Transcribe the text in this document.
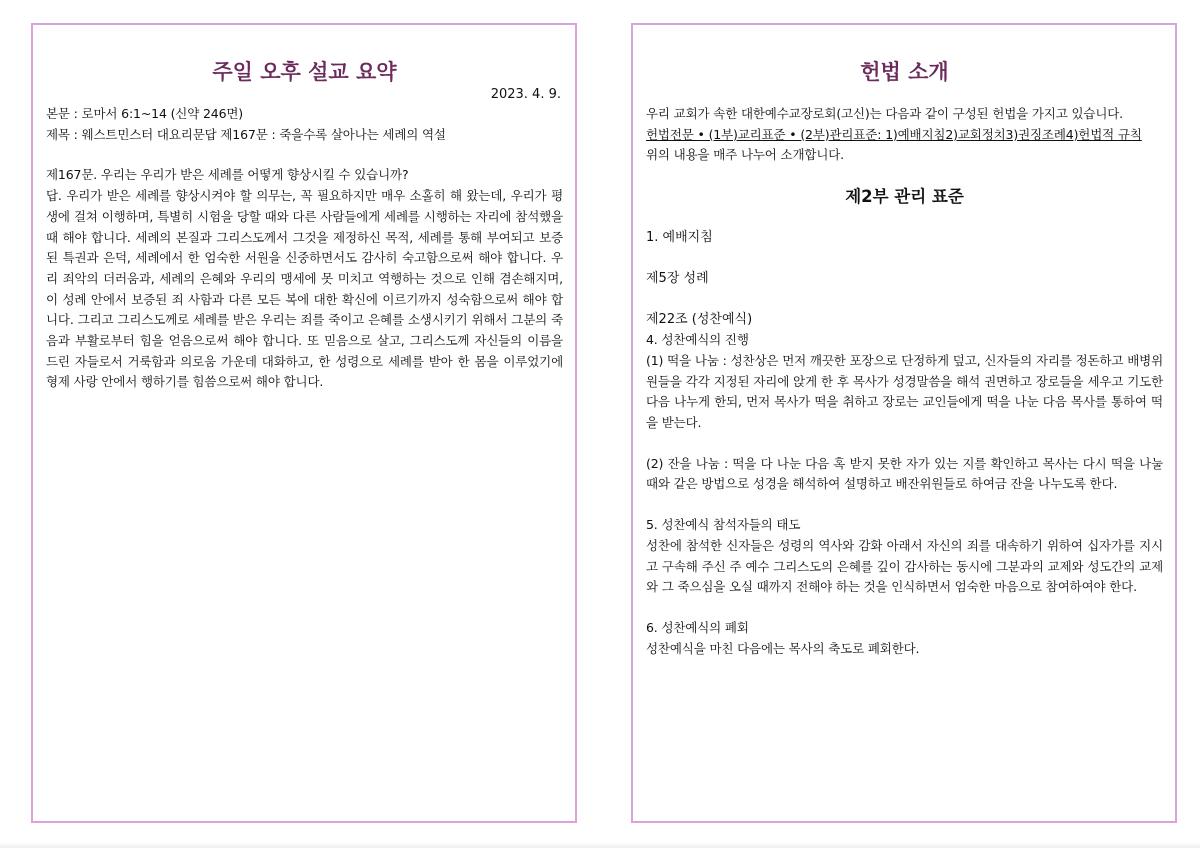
주일 오후 설교 요약
2023. 4. 9.
본문 : 로마서 6:1~14 (신약 246면)
제목 : 웨스트민스터 대요리문답 제167문 : 죽을수록 살아나는 세례의 역설
제167문. 우리는 우리가 받은 세례를 어떻게 향상시킬 수 있습니까?
답. 우리가 받은 세례를 향상시켜야 할 의무는, 꼭 필요하지만 매우 소홀히 해 왔는데, 우리가 평생에 걸쳐 이행하며, 특별히 시험을 당할 때와 다른 사람들에게 세례를 시행하는 자리에 참석했을 때 해야 합니다. 세례의 본질과 그리스도께서 그것을 제정하신 목적, 세례를 통해 부여되고 보증된 특권과 은덕, 세례에서 한 엄숙한 서원을 신중하면서도 감사히 숙고함으로써 해야 합니다. 우리 죄악의 더러움과, 세례의 은혜와 우리의 맹세에 못 미치고 역행하는 것으로 인해 겸손해지며, 이 성례 안에서 보증된 죄 사함과 다른 모든 복에 대한 확신에 이르기까지 성숙함으로써 해야 합니다. 그리고 그리스도께로 세례를 받은 우리는 죄를 죽이고 은혜를 소생시키기 위해서 그분의 죽음과 부활로부터 힘을 얻음으로써 해야 합니다. 또 믿음으로 살고, 그리스도께 자신들의 이름을 드린 자들로서 거룩함과 의로움 가운데 대화하고, 한 성령으로 세례를 받아 한 몸을 이루었기에 형제 사랑 안에서 행하기를 힘씀으로써 해야 합니다.
헌법 소개
우리 교회가 속한 대한예수교장로회(고신)는 다음과 같이 구성된 헌법을 가지고 있습니다.
헌법전문 • (1부)교리표준 • (2부)관리표준: 1)예배지침2)교회정치3)권징조례4)헌법적 규칙
위의 내용을 매주 나누어 소개합니다.
제2부 관리 표준
1. 예배지침
제5장 성례
제22조 (성찬예식)
4. 성찬예식의 진행
(1) 떡을 나눔 : 성찬상은 먼저 깨끗한 포장으로 단정하게 덮고, 신자들의 자리를 정돈하고 배병위원들을 각각 지정된 자리에 앉게 한 후 목사가 성경말씀을 해석 권면하고 장로들을 세우고 기도한 다음 나누게 한되, 먼저 목사가 떡을 취하고 장로는 교인들에게 떡을 나눈 다음 목사를 통하여 떡을 받는다.
(2) 잔을 나눔 : 떡을 다 나눈 다음 혹 받지 못한 자가 있는 지를 확인하고 목사는 다시 떡을 나눌 때와 같은 방법으로 성경을 해석하여 설명하고 배잔위원들로 하여금 잔을 나누도록 한다.
5. 성찬예식 참석자들의 태도
성찬에 참석한 신자들은 성령의 역사와 감화 아래서 자신의 죄를 대속하기 위하여 십자가를 지시고 구속해 주신 주 예수 그리스도의 은혜를 깊이 감사하는 동시에 그분과의 교제와 성도간의 교제와 그 죽으심을 오실 때까지 전해야 하는 것을 인식하면서 엄숙한 마음으로 참여하여야 한다.
6. 성찬예식의 폐회
성찬예식을 마친 다음에는 목사의 축도로 폐회한다.
